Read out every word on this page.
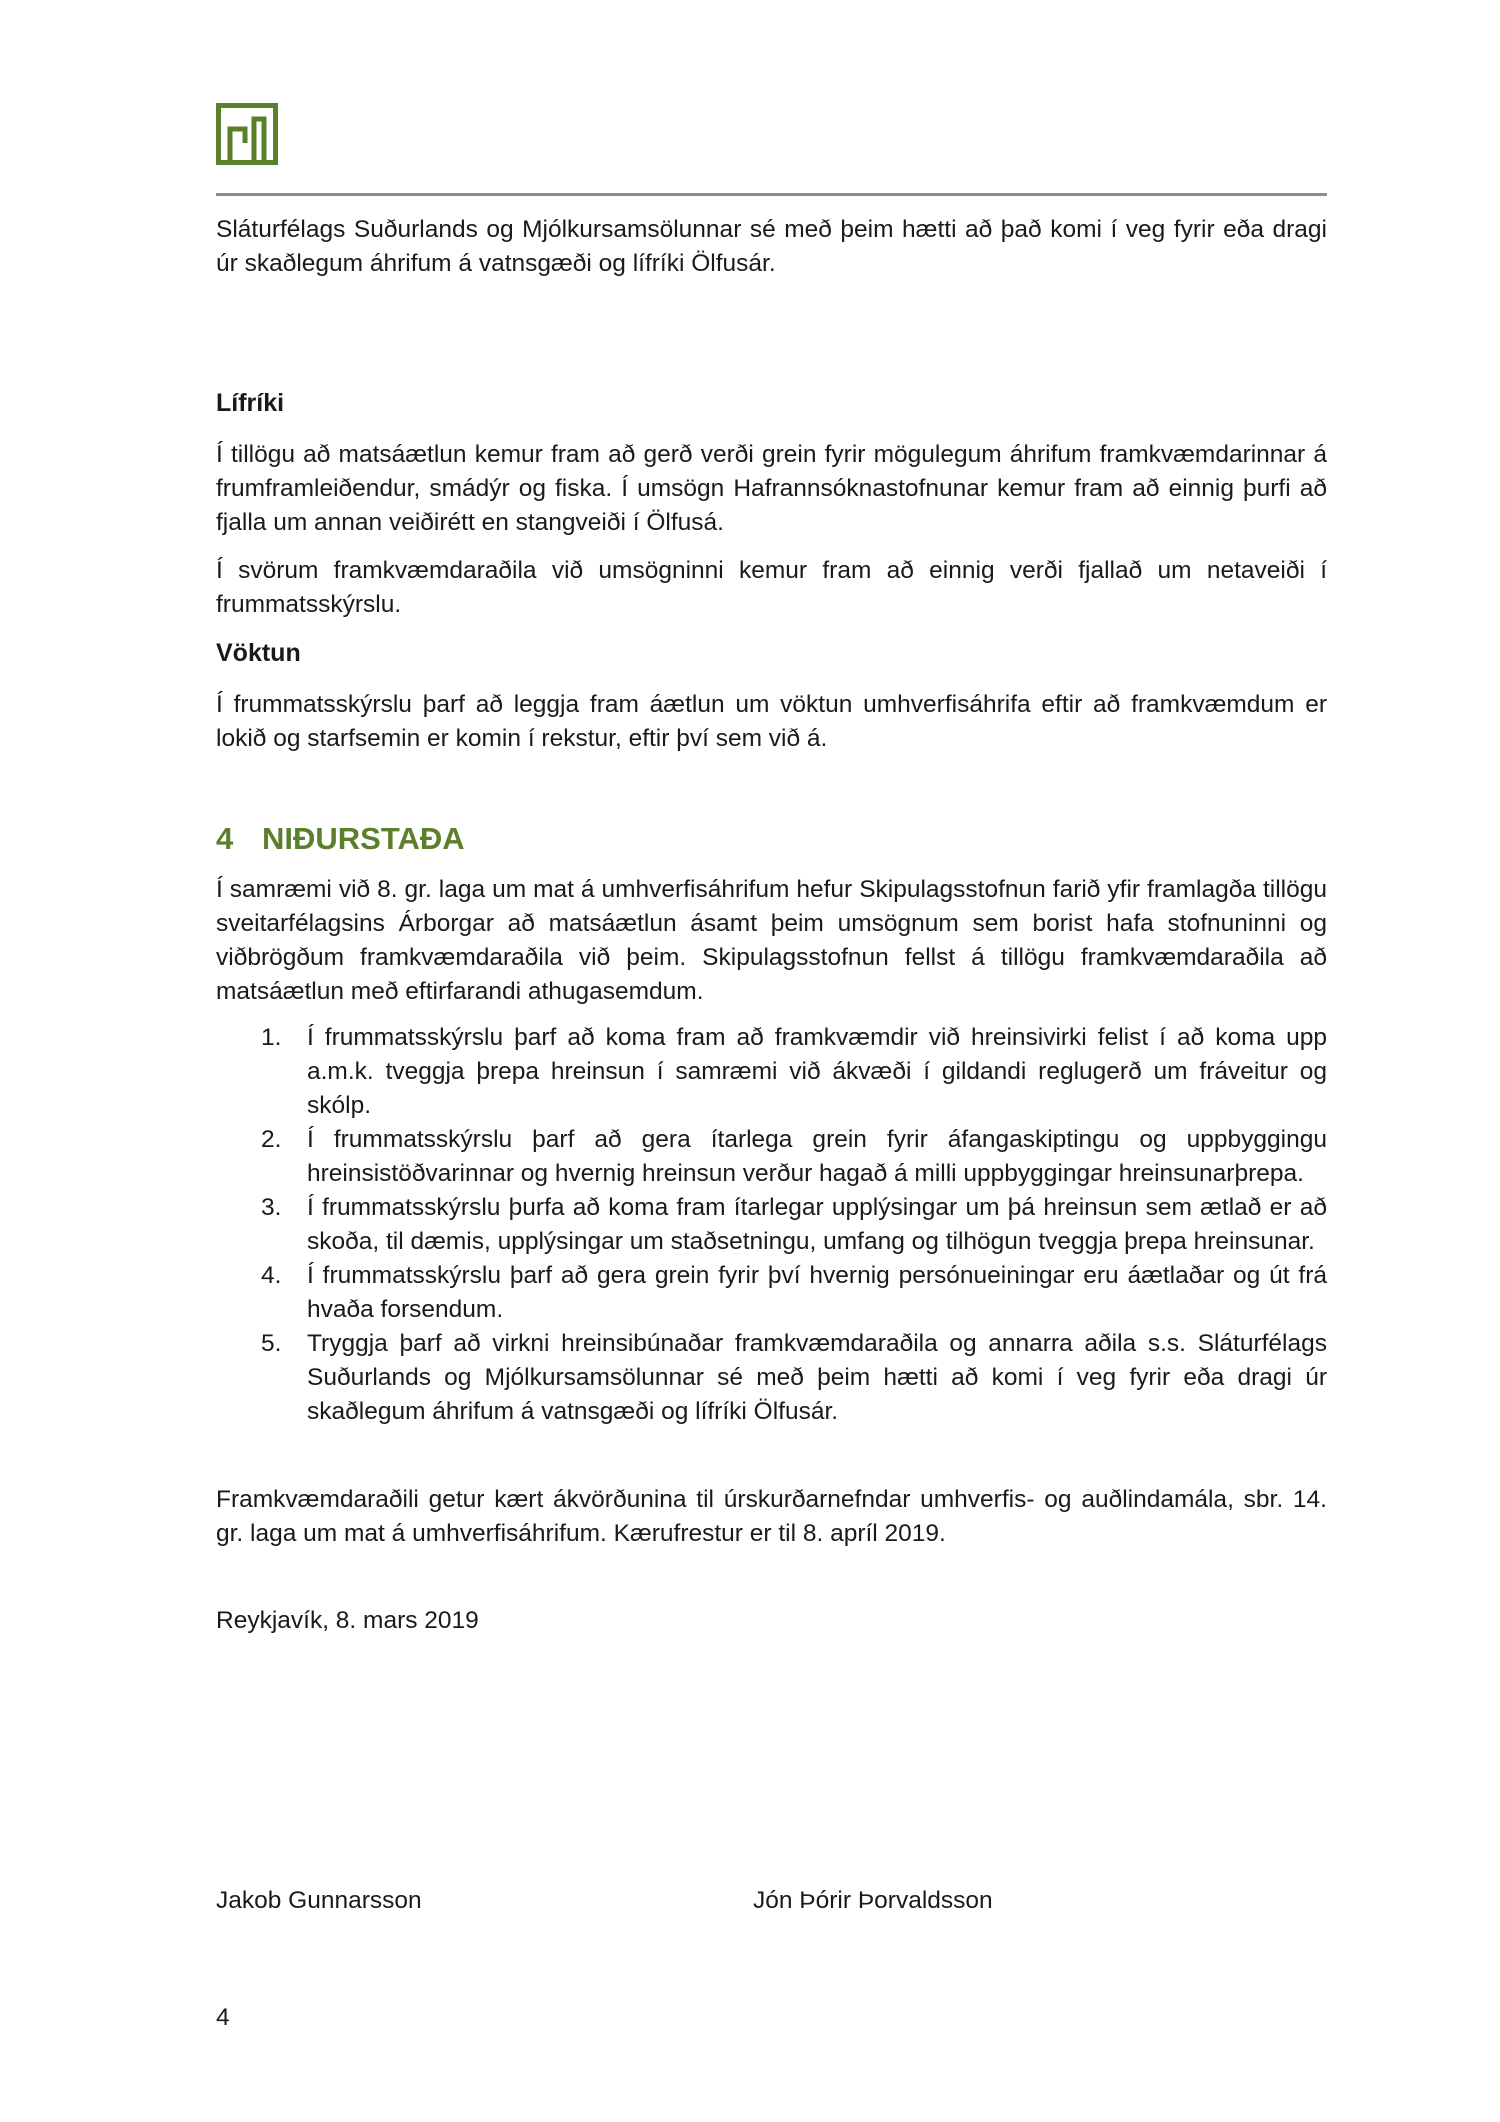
Sláturfélags Suðurlands og Mjólkursamsölunnar sé með þeim hætti að það komi í veg fyrir eða dragi úr skaðlegum áhrifum á vatnsgæði og lífríki Ölfusár.

Lífríki

Í tillögu að matsáætlun kemur fram að gerð verði grein fyrir mögulegum áhrifum framkvæmdarinnar á frumframleiðendur, smádýr og fiska. Í umsögn Hafrannsóknastofnunar kemur fram að einnig þurfi að fjalla um annan veiðirétt en stangveiði í Ölfusá.

Í svörum framkvæmdaraðila við umsögninni kemur fram að einnig verði fjallað um netaveiði í frummatsskýrslu.

Vöktun

Í frummatsskýrslu þarf að leggja fram áætlun um vöktun umhverfisáhrifa eftir að framkvæmdum er lokið og starfsemin er komin í rekstur, eftir því sem við á.

4 NIÐURSTAÐA

Í samræmi við 8. gr. laga um mat á umhverfisáhrifum hefur Skipulagsstofnun farið yfir framlagða tillögu sveitarfélagsins Árborgar að matsáætlun ásamt þeim umsögnum sem borist hafa stofnuninni og viðbrögðum framkvæmdaraðila við þeim. Skipulagsstofnun fellst á tillögu framkvæmdaraðila að matsáætlun með eftirfarandi athugasemdum.

1. Í frummatsskýrslu þarf að koma fram að framkvæmdir við hreinsivirki felist í að koma upp a.m.k. tveggja þrepa hreinsun í samræmi við ákvæði í gildandi reglugerð um fráveitur og skólp.
2. Í frummatsskýrslu þarf að gera ítarlega grein fyrir áfangaskiptingu og uppbyggingu hreinsistöðvarinnar og hvernig hreinsun verður hagað á milli uppbyggingar hreinsunarþrepa.
3. Í frummatsskýrslu þurfa að koma fram ítarlegar upplýsingar um þá hreinsun sem ætlað er að skoða, til dæmis, upplýsingar um staðsetningu, umfang og tilhögun tveggja þrepa hreinsunar.
4. Í frummatsskýrslu þarf að gera grein fyrir því hvernig persónueiningar eru áætlaðar og út frá hvaða forsendum.
5. Tryggja þarf að virkni hreinsibúnaðar framkvæmdaraðila og annarra aðila s.s. Sláturfélags Suðurlands og Mjólkursamsölunnar sé með þeim hætti að komi í veg fyrir eða dragi úr skaðlegum áhrifum á vatnsgæði og lífríki Ölfusár.

Framkvæmdaraðili getur kært ákvörðunina til úrskurðarnefndar umhverfis- og auðlindamála, sbr. 14. gr. laga um mat á umhverfisáhrifum. Kærufrestur er til 8. apríl 2019.

Reykjavík, 8. mars 2019

Jakob Gunnarsson	Jón Þórir Þorvaldsson
4
